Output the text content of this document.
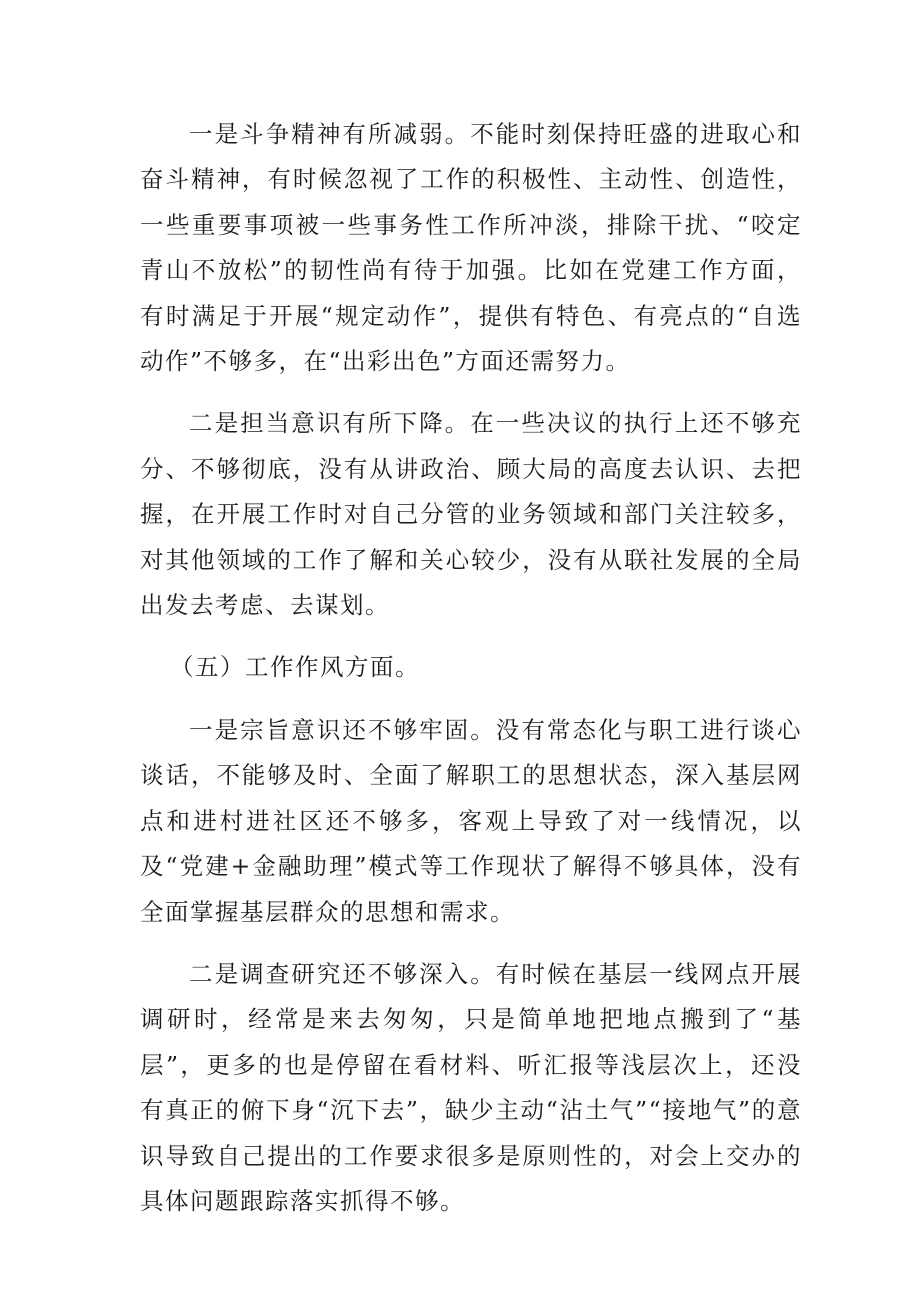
一是斗争精神有所减弱。不能时刻保持旺盛的进取心和奋斗精神，有时候忽视了工作的积极性、主动性、创造性，一些重要事项被一些事务性工作所冲淡，排除干扰、“咬定青山不放松”的韧性尚有待于加强。比如在党建工作方面，有时满足于开展“规定动作”，提供有特色、有亮点的“自选动作”不够多，在“出彩出色”方面还需努力。

二是担当意识有所下降。在一些决议的执行上还不够充分、不够彻底，没有从讲政治、顾大局的高度去认识、去把握，在开展工作时对自己分管的业务领域和部门关注较多，对其他领域的工作了解和关心较少，没有从联社发展的全局出发去考虑、去谋划。

（五）工作作风方面。

一是宗旨意识还不够牢固。没有常态化与职工进行谈心谈话，不能够及时、全面了解职工的思想状态，深入基层网点和进村进社区还不够多，客观上导致了对一线情况，以及“党建+金融助理”模式等工作现状了解得不够具体，没有全面掌握基层群众的思想和需求。

二是调查研究还不够深入。有时候在基层一线网点开展调研时，经常是来去匆匆，只是简单地把地点搬到了“基层”，更多的也是停留在看材料、听汇报等浅层次上，还没有真正的俯下身“沉下去”，缺少主动“沾土气”“接地气”的意识导致自己提出的工作要求很多是原则性的，对会上交办的具体问题跟踪落实抓得不够。
